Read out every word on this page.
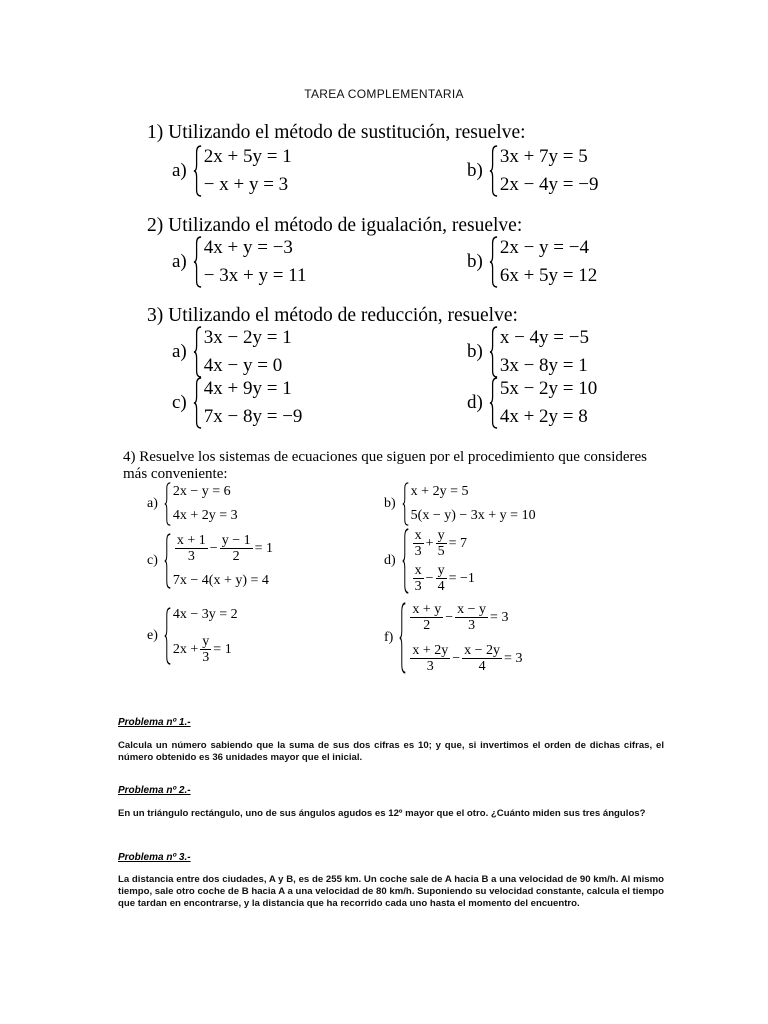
TAREA COMPLEMENTARIA
1) Utilizando el método de sustitución, resuelve:
a)
2x + 5y = 1
− x + y = 3
b)
3x + 7y = 5
2x − 4y = −9
2) Utilizando el método de igualación, resuelve:
a)
4x + y = −3
− 3x + y = 11
b)
2x − y = −4
6x + 5y = 12
3) Utilizando el método de reducción, resuelve:
a)
3x − 2y = 1
4x − y = 0
b)
x − 4y = −5
3x − 8y = 1
c)
4x + 9y = 1
7x − 8y = −9
d)
5x − 2y = 10
4x + 2y = 8
4) Resuelve los sistemas de ecuaciones que siguen por el procedimiento que consideres más conveniente:
a)
2x − y = 6
4x + 2y = 3
b)
x + 2y = 5
5(x − y) − 3x + y = 10
$c) \frac{x + 1}{3} - \frac{y - 1}{2} = 1$
7x − 4(x + y) = 4
d)
$\frac{x}{3} + \frac{y}{5} = 7$
$\frac{x}{3} - \frac{y}{4} = -1$
e)
4x − 3y = 2
$2x + \frac{y}{3} = 1$
f)
$\frac{x + y}{2} - \frac{x - y}{3} = 3$
$\frac{x + 2y}{3} - \frac{x - 2y}{4} = 3$
Problema nº 1.-
Calcula un número sabiendo que la suma de sus dos cifras es 10; y que, si invertimos el orden de dichas cifras, el número obtenido es 36 unidades mayor que el inicial.
Problema nº 2.-
En un triángulo rectángulo, uno de sus ángulos agudos es 12º mayor que el otro. ¿Cuánto miden sus tres ángulos?
Problema nº 3.-
La distancia entre dos ciudades, A y B, es de 255 km. Un coche sale de A hacia B a una velocidad de 90 km/h. Al mismo tiempo, sale otro coche de B hacia A a una velocidad de 80 km/h. Suponiendo su velocidad constante, calcula el tiempo que tardan en encontrarse, y la distancia que ha recorrido cada uno hasta el momento del encuentro.
